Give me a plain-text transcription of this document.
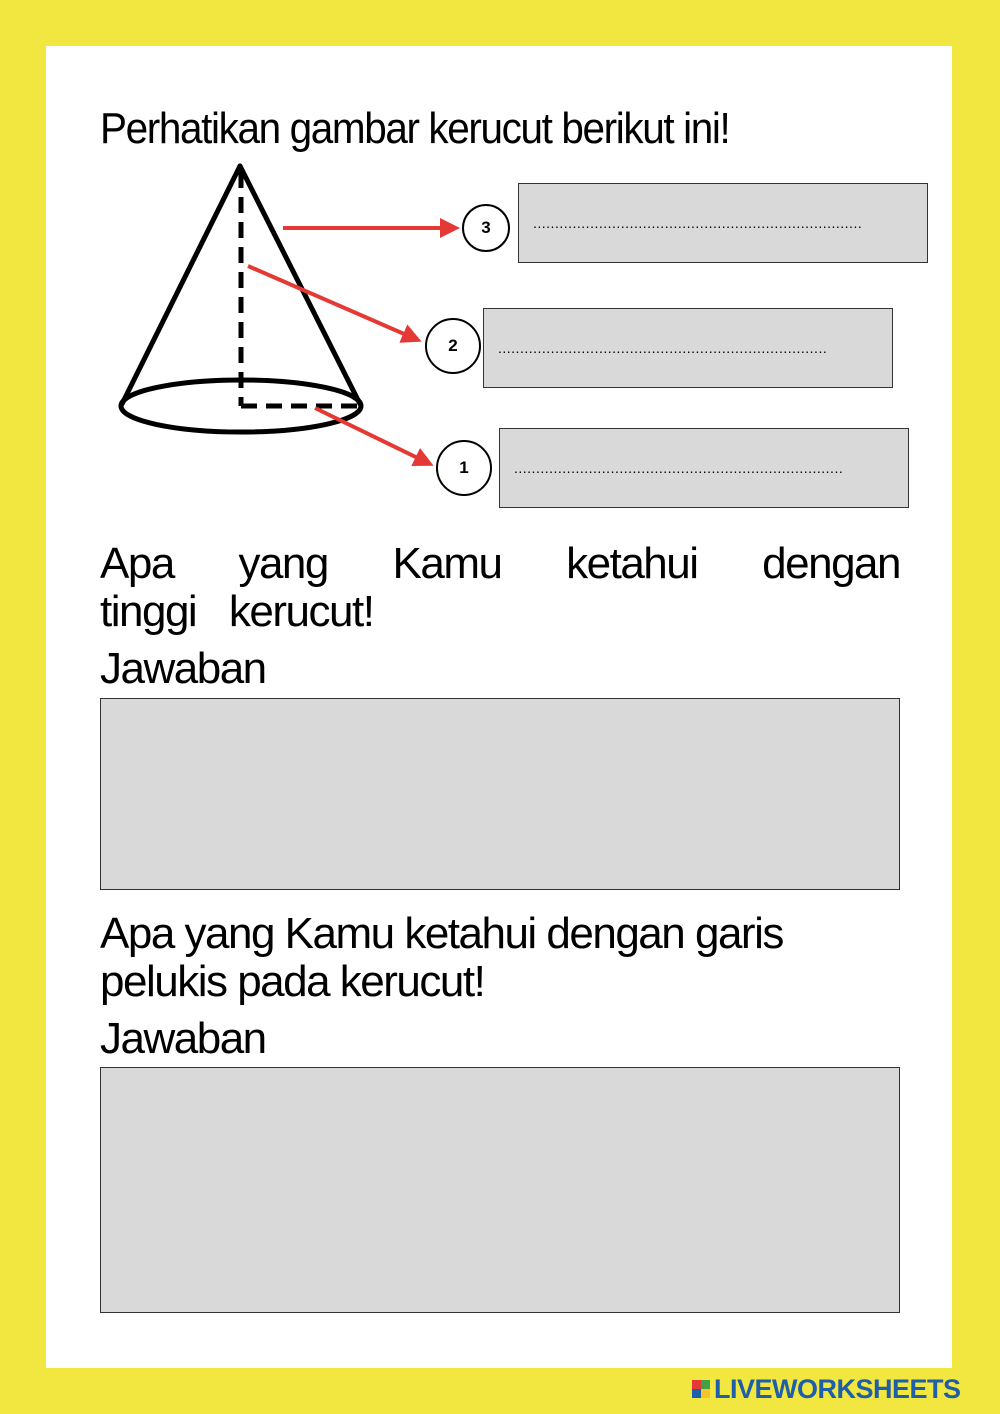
Perhatikan gambar kerucut berikut ini!
3	...........................................................................
2	...........................................................................
1	...........................................................................
Apa yang Kamu ketahui dengan tinggi kerucut!
Jawaban
Apa yang Kamu ketahui dengan garis pelukis pada kerucut!
Jawaban
LIVEWORKSHEETS
